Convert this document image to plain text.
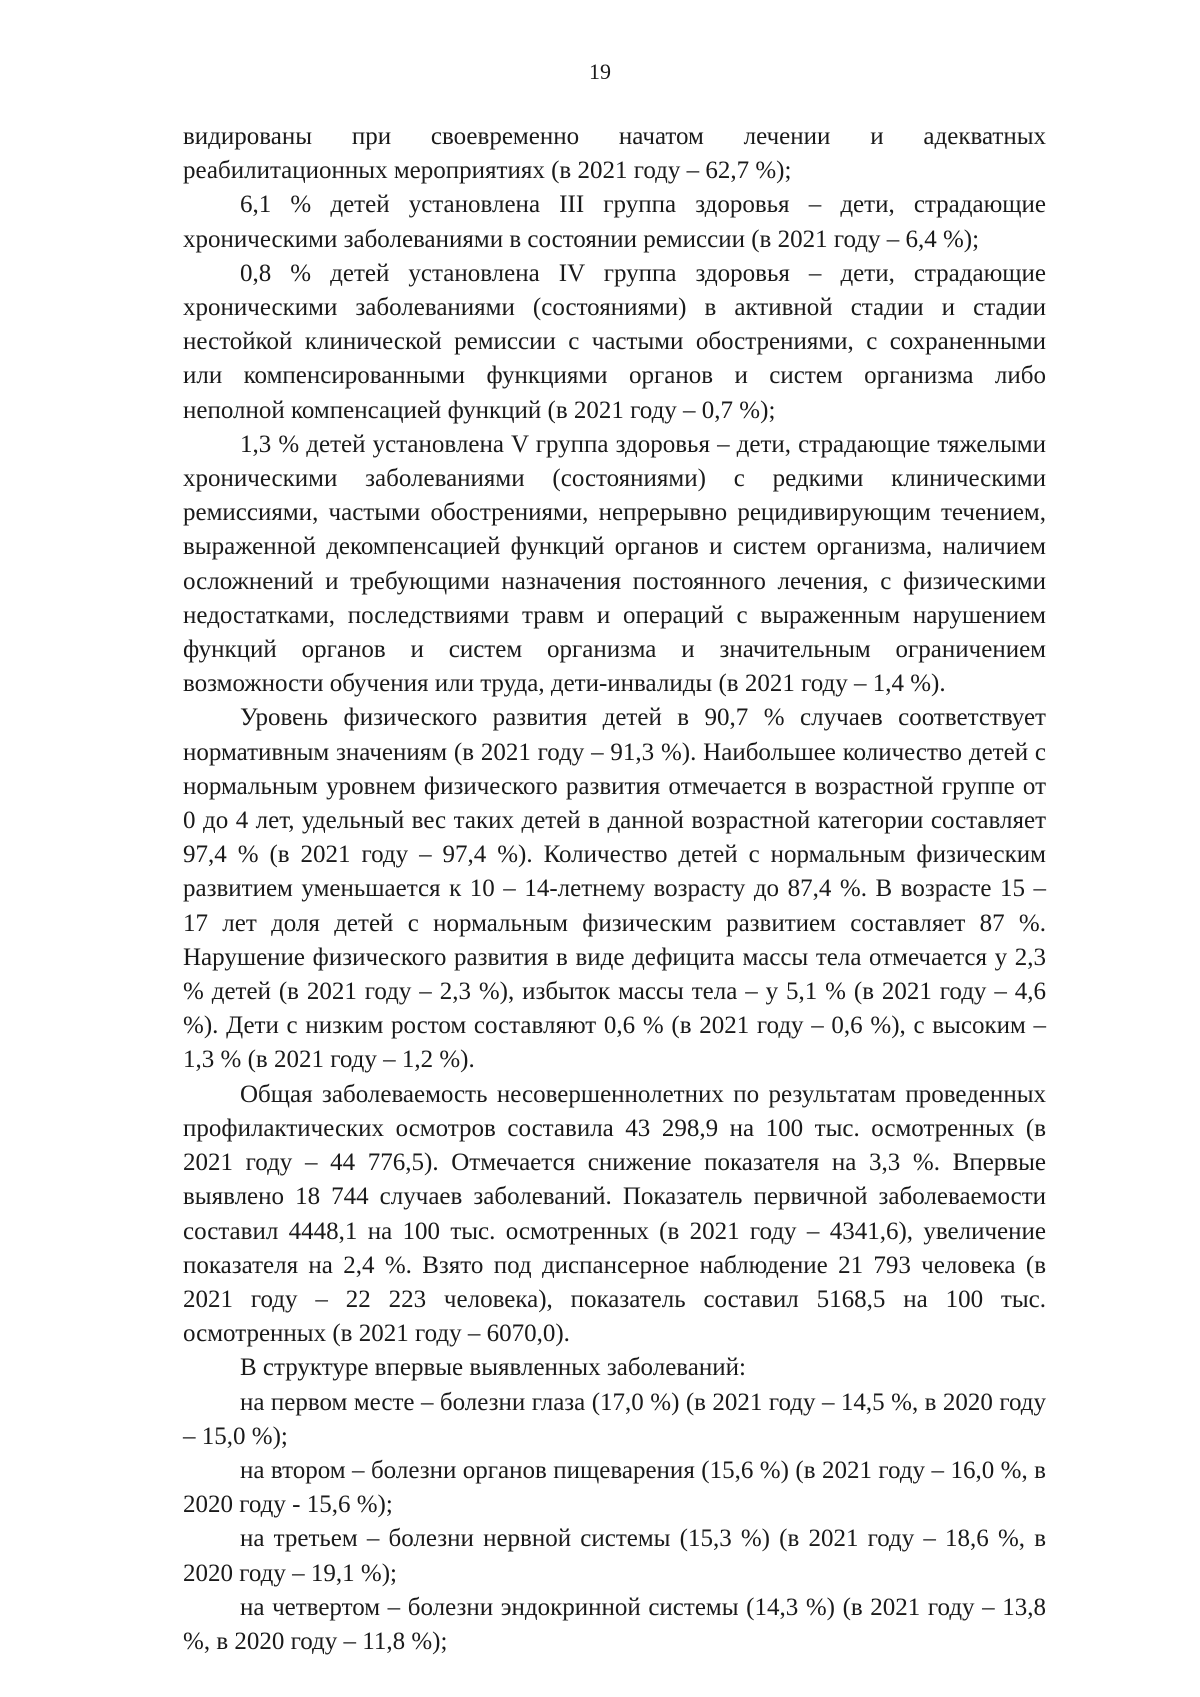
19

видированы при своевременно начатом лечении и адекватных реабилитационных мероприятиях (в 2021 году – 62,7 %);

6,1 % детей установлена III группа здоровья – дети, страдающие хроническими заболеваниями в состоянии ремиссии (в 2021 году – 6,4 %);

0,8 % детей установлена IV группа здоровья – дети, страдающие хроническими заболеваниями (состояниями) в активной стадии и стадии нестойкой клинической ремиссии с частыми обострениями, с сохраненными или компенсированными функциями органов и систем организма либо неполной компенсацией функций (в 2021 году – 0,7 %);

1,3 % детей установлена V группа здоровья – дети, страдающие тяжелыми хроническими заболеваниями (состояниями) с редкими клиническими ремиссиями, частыми обострениями, непрерывно рецидивирующим течением, выраженной декомпенсацией функций органов и систем организма, наличием осложнений и требующими назначения постоянного лечения, с физическими недостатками, последствиями травм и операций с выраженным нарушением функций органов и систем организма и значительным ограничением возможности обучения или труда, дети-инвалиды (в 2021 году – 1,4 %).

Уровень физического развития детей в 90,7 % случаев соответствует нормативным значениям (в 2021 году – 91,3 %). Наибольшее количество детей с нормальным уровнем физического развития отмечается в возрастной группе от 0 до 4 лет, удельный вес таких детей в данной возрастной категории составляет 97,4 % (в 2021 году – 97,4 %). Количество детей с нормальным физическим развитием уменьшается к 10 – 14-летнему возрасту до 87,4 %. В возрасте 15 – 17 лет доля детей с нормальным физическим развитием составляет 87 %. Нарушение физического развития в виде дефицита массы тела отмечается у 2,3 % детей (в 2021 году – 2,3 %), избыток массы тела – у 5,1 % (в 2021 году – 4,6 %). Дети с низким ростом составляют 0,6 % (в 2021 году – 0,6 %), с высоким – 1,3 % (в 2021 году – 1,2 %).

Общая заболеваемость несовершеннолетних по результатам проведенных профилактических осмотров составила 43 298,9 на 100 тыс. осмотренных (в 2021 году – 44 776,5). Отмечается снижение показателя на 3,3 %. Впервые выявлено 18 744 случаев заболеваний. Показатель первичной заболеваемости составил 4448,1 на 100 тыс. осмотренных (в 2021 году – 4341,6), увеличение показателя на 2,4 %. Взято под диспансерное наблюдение 21 793 человека (в 2021 году – 22 223 человека), показатель составил 5168,5 на 100 тыс. осмотренных (в 2021 году – 6070,0).

В структуре впервые выявленных заболеваний:

на первом месте – болезни глаза (17,0 %) (в 2021 году – 14,5 %, в 2020 году – 15,0 %);

на втором – болезни органов пищеварения (15,6 %) (в 2021 году – 16,0 %, в 2020 году - 15,6 %);

на третьем – болезни нервной системы (15,3 %) (в 2021 году – 18,6 %, в 2020 году – 19,1 %);

на четвертом – болезни эндокринной системы (14,3 %) (в 2021 году – 13,8 %, в 2020 году – 11,8 %);
